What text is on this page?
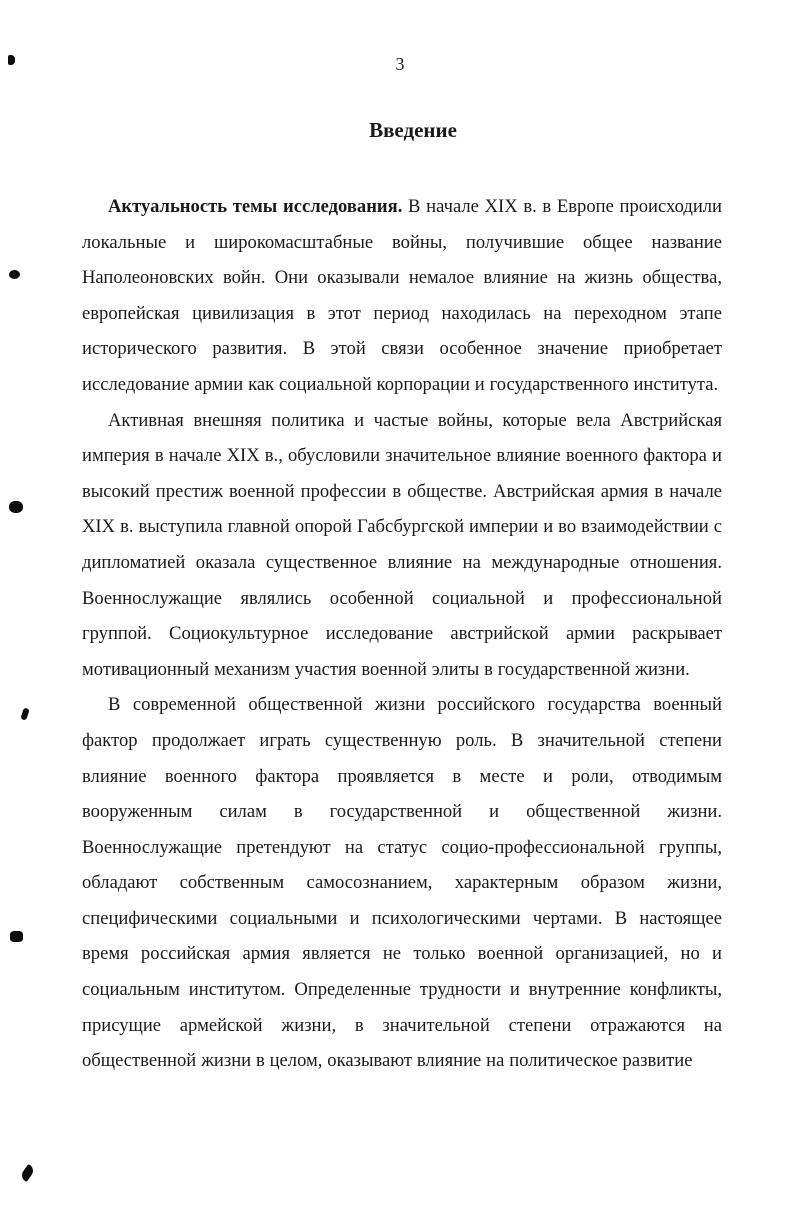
3
Введение

Актуальность темы исследования. В начале XIX в. в Европе происходили локальные и широкомасштабные войны, получившие общее название Наполеоновских войн. Они оказывали немалое влияние на жизнь общества, европейская цивилизация в этот период находилась на переходном этапе исторического развития. В этой связи особенное значение приобретает исследование армии как социальной корпорации и государственного института.

Активная внешняя политика и частые войны, которые вела Австрийская империя в начале XIX в., обусловили значительное влияние военного фактора и высокий престиж военной профессии в обществе. Австрийская армия в начале XIX в. выступила главной опорой Габсбургской империи и во взаимодействии с дипломатией оказала существенное влияние на международные отношения. Военнослужащие являлись особенной социальной и профессиональной группой. Социокультурное исследование австрийской армии раскрывает мотивационный механизм участия военной элиты в государственной жизни.

В современной общественной жизни российского государства военный фактор продолжает играть существенную роль. В значительной степени влияние военного фактора проявляется в месте и роли, отводимым вооруженным силам в государственной и общественной жизни. Военнослужащие претендуют на статус социо-профессиональной группы, обладают собственным самосознанием, характерным образом жизни, специфическими социальными и психологическими чертами. В настоящее время российская армия является не только военной организацией, но и социальным институтом. Определенные трудности и внутренние конфликты, присущие армейской жизни, в значительной степени отражаются на общественной жизни в целом, оказывают влияние на политическое развитие
